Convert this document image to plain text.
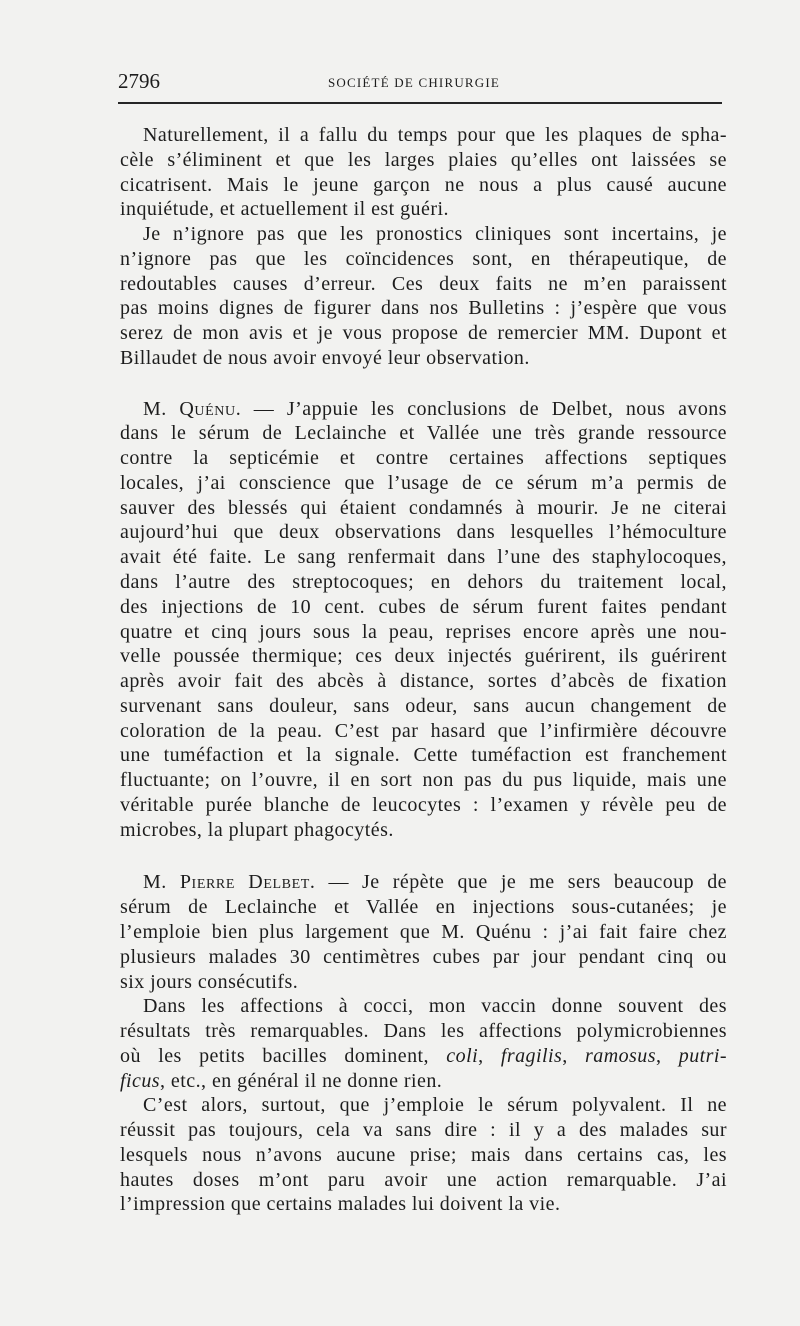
2796	SOCIÉTÉ DE CHIRURGIE
Naturellement, il a fallu du temps pour que les plaques de spha-
cèle s’éliminent et que les larges plaies qu’elles ont laissées se
cicatrisent. Mais le jeune garçon ne nous a plus causé aucune
inquiétude, et actuellement il est guéri.
Je n’ignore pas que les pronostics cliniques sont incertains, je
n’ignore pas que les coïncidences sont, en thérapeutique, de
redoutables causes d’erreur. Ces deux faits ne m’en paraissent
pas moins dignes de figurer dans nos Bulletins : j’espère que vous
serez de mon avis et je vous propose de remercier MM. Dupont et
Billaudet de nous avoir envoyé leur observation.
M. Quénu. — J’appuie les conclusions de Delbet, nous avons
dans le sérum de Leclainche et Vallée une très grande ressource
contre la septicémie et contre certaines affections septiques
locales, j’ai conscience que l’usage de ce sérum m’a permis de
sauver des blessés qui étaient condamnés à mourir. Je ne citerai
aujourd’hui que deux observations dans lesquelles l’hémoculture
avait été faite. Le sang renfermait dans l’une des staphylocoques,
dans l’autre des streptocoques; en dehors du traitement local,
des injections de 10 cent. cubes de sérum furent faites pendant
quatre et cinq jours sous la peau, reprises encore après une nou-
velle poussée thermique; ces deux injectés guérirent, ils guérirent
après avoir fait des abcès à distance, sortes d’abcès de fixation
survenant sans douleur, sans odeur, sans aucun changement de
coloration de la peau. C’est par hasard que l’infirmière découvre
une tuméfaction et la signale. Cette tuméfaction est franchement
fluctuante; on l’ouvre, il en sort non pas du pus liquide, mais une
véritable purée blanche de leucocytes : l’examen y révèle peu de
microbes, la plupart phagocytés.
M. Pierre Delbet. — Je répète que je me sers beaucoup de
sérum de Leclainche et Vallée en injections sous-cutanées; je
l’emploie bien plus largement que M. Quénu : j’ai fait faire chez
plusieurs malades 30 centimètres cubes par jour pendant cinq ou
six jours consécutifs.
Dans les affections à cocci, mon vaccin donne souvent des
résultats très remarquables. Dans les affections polymicrobiennes
où les petits bacilles dominent, coli, fragilis, ramosus, putri-
ficus, etc., en général il ne donne rien.
C’est alors, surtout, que j’emploie le sérum polyvalent. Il ne
réussit pas toujours, cela va sans dire : il y a des malades sur
lesquels nous n’avons aucune prise; mais dans certains cas, les
hautes doses m’ont paru avoir une action remarquable. J’ai
l’impression que certains malades lui doivent la vie.
